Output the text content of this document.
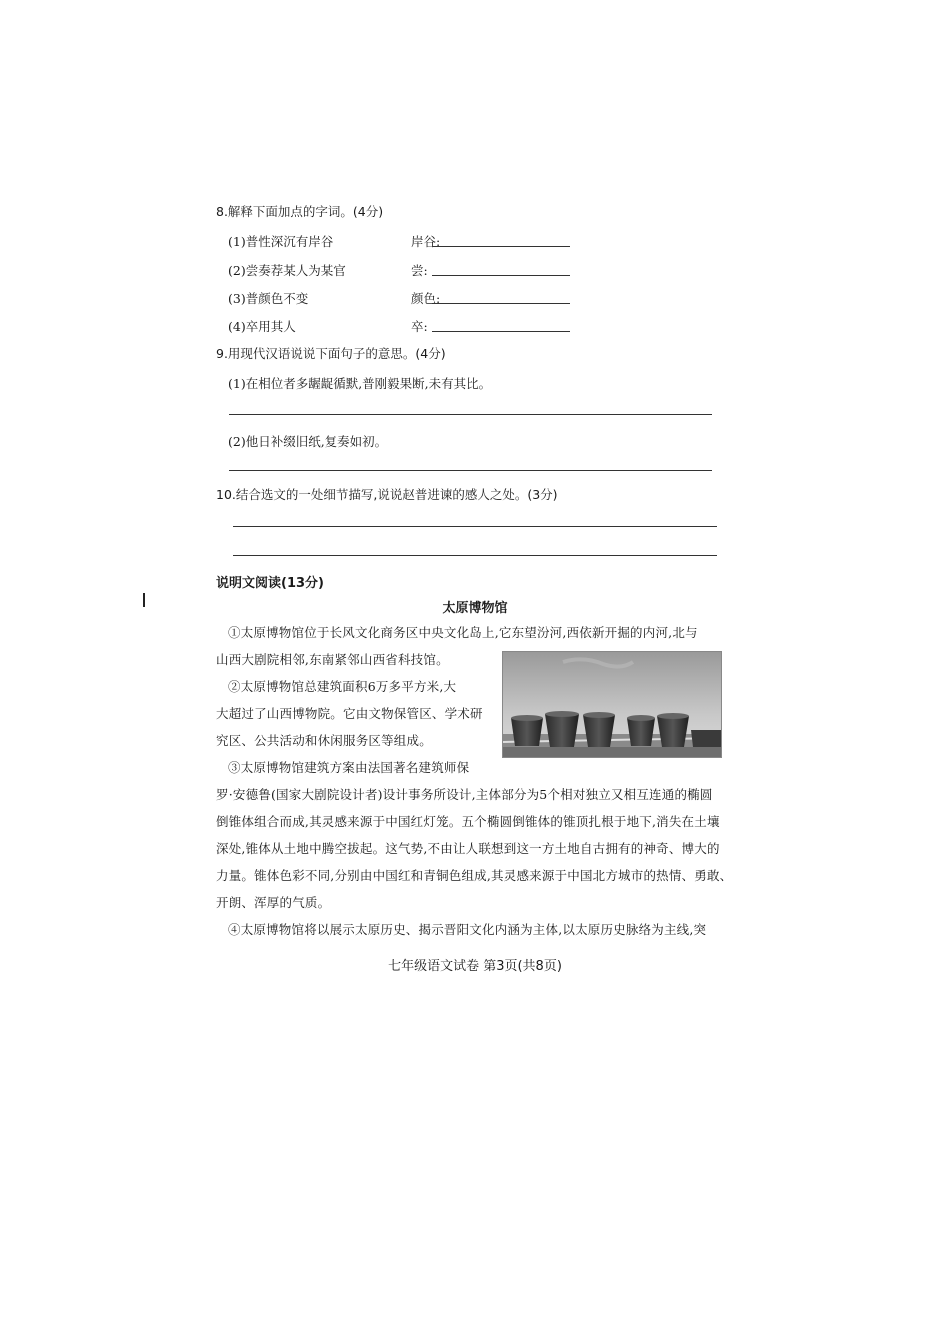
8.解释下面加点的字词。(4分)
(1)普性深沉有岸谷	岸谷:
(2)尝奏荐某人为某官	尝:
(3)普颜色不变	颜色:
(4)卒用其人	卒:
9.用现代汉语说说下面句子的意思。(4分)
(1)在相位者多龌龊循默,普刚毅果断,未有其比。
(2)他日补缀旧纸,复奏如初。
10.结合选文的一处细节描写,说说赵普进谏的感人之处。(3分)
说明文阅读(13分)
太原博物馆
①太原博物馆位于长风文化商务区中央文化岛上,它东望汾河,西依新开掘的内河,北与
山西大剧院相邻,东南紧邻山西省科技馆。
②太原博物馆总建筑面积6万多平方米,大
大超过了山西博物院。它由文物保管区、学术研
究区、公共活动和休闲服务区等组成。
③太原博物馆建筑方案由法国著名建筑师保
罗·安德鲁(国家大剧院设计者)设计事务所设计,主体部分为5个相对独立又相互连通的椭圆
倒锥体组合而成,其灵感来源于中国红灯笼。五个椭圆倒锥体的锥顶扎根于地下,消失在土壤
深处,锥体从土地中腾空拔起。这气势,不由让人联想到这一方土地自古拥有的神奇、博大的
力量。锥体色彩不同,分别由中国红和青铜色组成,其灵感来源于中国北方城市的热情、勇敢、
开朗、浑厚的气质。
④太原博物馆将以展示太原历史、揭示晋阳文化内涵为主体,以太原历史脉络为主线,突
七年级语文试卷 第3页(共8页)
